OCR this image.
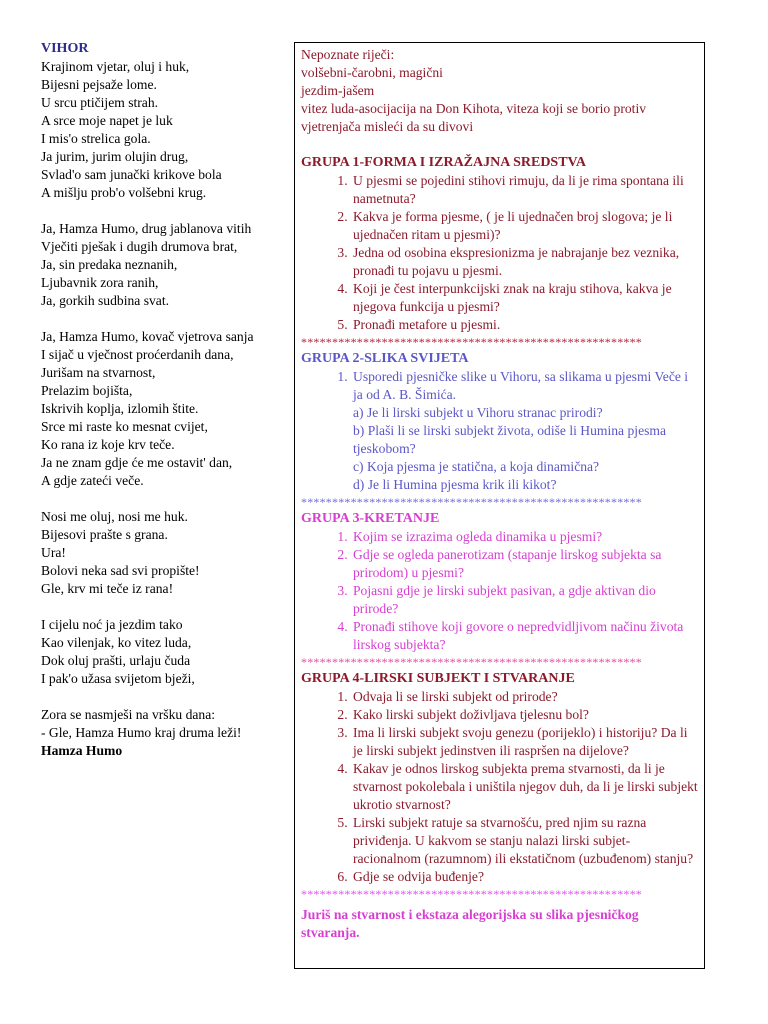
VIHOR
Krajinom vjetar, oluj i huk,
Bijesni pejsaže lome.
U srcu ptičijem strah.
A srce moje napet je luk
I mis'o strelica gola.
Ja jurim, jurim olujin drug,
Svlad'o sam junački krikove bola
A mišlju prob'o volšebni krug.
Ja, Hamza Humo, drug jablanova vitih
Vječiti pješak i dugih drumova brat,
Ja, sin predaka neznanih,
Ljubavnik zora ranih,
Ja, gorkih sudbina svat.
Ja, Hamza Humo, kovač vjetrova sanja
I sijač u vječnost proćerdanih dana,
Jurišam na stvarnost,
Prelazim bojišta,
Iskrivih koplja, izlomih štite.
Srce mi raste ko mesnat cvijet,
Ko rana iz koje krv teče.
Ja ne znam gdje će me ostavit' dan,
A gdje zateći veče.
Nosi me oluj, nosi me huk.
Bijesovi prašte s grana.
Ura!
Bolovi neka sad svi propište!
Gle, krv mi teče iz rana!
I cijelu noć ja jezdim tako
Kao vilenjak, ko vitez luda,
Dok oluj prašti, urlaju čuda
I pak'o užasa svijetom bježi,
Zora se nasmješi na vršku dana:
- Gle, Hamza Humo kraj druma leži!
Hamza Humo
Nepoznate riječi:
volšebni-čarobni, magični
jezdim-jašem
vitez luda-asocijacija na Don Kihota, viteza koji se borio protiv vjetrenjača misleći da su divovi
GRUPA 1-FORMA I IZRAŽAJNA SREDSTVA
1. U pjesmi se pojedini stihovi rimuju, da li je rima spontana ili nametnuta?
2. Kakva je forma pjesme, ( je li ujednačen broj slogova; je li ujednačen ritam u pjesmi)?
3. Jedna od osobina ekspresionizma je nabrajanje bez veznika, pronađi tu pojavu u pjesmi.
4. Koji je čest interpunkcijski znak na kraju stihova, kakva je njegova funkcija u pjesmi?
5. Pronađi metafore u pjesmi.
*******************************************************
GRUPA 2-SLIKA SVIJETA
1. Usporedi pjesničke slike u Vihoru, sa slikama u pjesmi Veče i ja od A. B. Šimića.
a) Je li lirski subjekt u Vihoru stranac prirodi?
b) Plaši li se lirski subjekt života, odiše li Humina pjesma tjeskobom?
c) Koja pjesma je statična, a koja dinamična?
d) Je li Humina pjesma krik ili kikot?
*******************************************************
GRUPA 3-KRETANJE
1. Kojim se izrazima ogleda dinamika u pjesmi?
2. Gdje se ogleda panerotizam (stapanje lirskog subjekta sa prirodom) u pjesmi?
3. Pojasni gdje je lirski subjekt pasivan, a gdje aktivan dio prirode?
4. Pronađi stihove koji govore o nepredvidljivom načinu života lirskog subjekta?
*******************************************************
GRUPA 4-LIRSKI SUBJEKT I STVARANJE
1. Odvaja li se lirski subjekt od prirode?
2. Kako lirski subjekt doživljava tjelesnu bol?
3. Ima li lirski subjekt svoju genezu (porijeklo) i historiju? Da li je lirski subjekt jedinstven ili raspršen na dijelove?
4. Kakav je odnos lirskog subjekta prema stvarnosti, da li je stvarnost pokolebala i uništila njegov duh, da li je lirski subjekt ukrotio stvarnost?
5. Lirski subjekt ratuje sa stvarnošću, pred njim su razna priviđenja. U kakvom se stanju nalazi lirski subjet-racionalnom (razumnom) ili ekstatičnom (uzbuđenom) stanju?
6. Gdje se odvija buđenje?
*******************************************************
Juriš na stvarnost i ekstaza alegorijska su slika pjesničkog stvaranja.
